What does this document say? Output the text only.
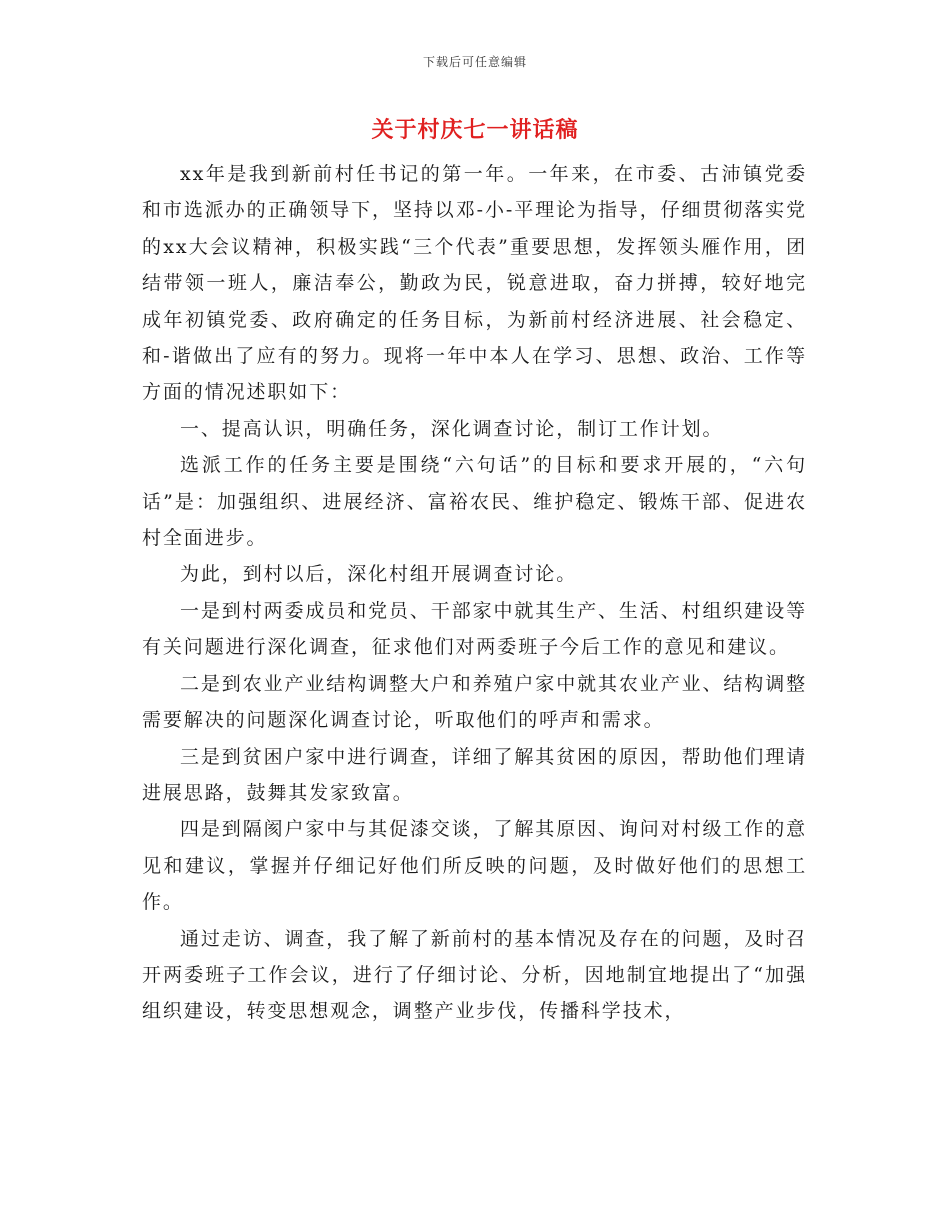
下载后可任意编辑
关于村庆七一讲话稿

xx年是我到新前村任书记的第一年。一年来，在市委、古沛镇党委和市选派办的正确领导下，坚持以邓-小-平理论为指导，仔细贯彻落实党的xx大会议精神，积极实践“三个代表”重要思想，发挥领头雁作用，团结带领一班人，廉洁奉公，勤政为民，锐意进取，奋力拼搏，较好地完成年初镇党委、政府确定的任务目标，为新前村经济进展、社会稳定、和-谐做出了应有的努力。现将一年中本人在学习、思想、政治、工作等方面的情况述职如下：

一、提高认识，明确任务，深化调查讨论，制订工作计划。

选派工作的任务主要是围绕“六句话”的目标和要求开展的，“六句话”是：加强组织、进展经济、富裕农民、维护稳定、锻炼干部、促进农村全面进步。

为此，到村以后，深化村组开展调查讨论。

一是到村两委成员和党员、干部家中就其生产、生活、村组织建设等有关问题进行深化调查，征求他们对两委班子今后工作的意见和建议。

二是到农业产业结构调整大户和养殖户家中就其农业产业、结构调整需要解决的问题深化调查讨论，听取他们的呼声和需求。

三是到贫困户家中进行调查，详细了解其贫困的原因，帮助他们理请进展思路，鼓舞其发家致富。

四是到隔阂户家中与其促漆交谈，了解其原因、询问对村级工作的意见和建议，掌握并仔细记好他们所反映的问题，及时做好他们的思想工作。

通过走访、调查，我了解了新前村的基本情况及存在的问题，及时召开两委班子工作会议，进行了仔细讨论、分析，因地制宜地提出了“加强组织建设，转变思想观念，调整产业步伐，传播科学技术，
